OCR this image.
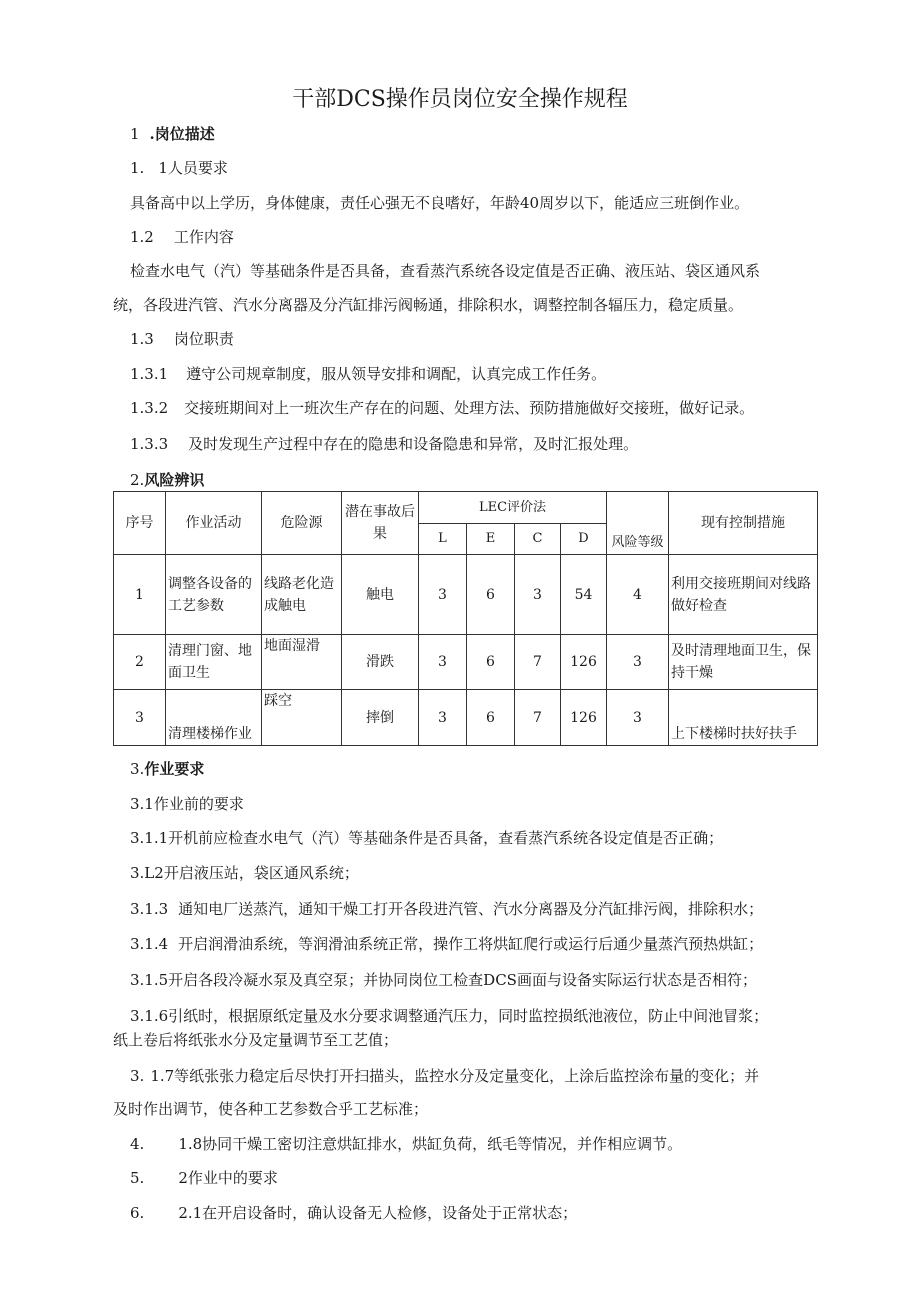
干部DCS操作员岗位安全操作规程
1 .岗位描述
1. 1人员要求
具备高中以上学历，身体健康，责任心强无不良嗜好，年龄40周岁以下，能适应三班倒作业。
1.2 工作内容
检查水电气（汽）等基础条件是否具备，查看蒸汽系统各设定值是否正确、液压站、袋区通风系
统，各段进汽管、汽水分离器及分汽缸排污阀畅通，排除积水，调整控制各辐压力，稳定质量。
1.3 岗位职责
1.3.1 遵守公司规章制度，服从领导安排和调配，认真完成工作任务。
1.3.2 交接班期间对上一班次生产存在的问题、处理方法、预防措施做好交接班，做好记录。
1.3.3 及时发现生产过程中存在的隐患和设备隐患和异常，及时汇报处理。
2.风险辨识
序号	作业活动	危险源	潜在事故后果	LEC评价法				风险等级	现有控制措施
				L	E	C	D		
1	调整各设备的工艺参数	线路老化造成触电	触电	3	6	3	54	4	利用交接班期间对线路做好检查
2	清理门窗、地面卫生	地面湿滑	滑跌	3	6	7	126	3	及时清理地面卫生，保持干燥
3	清理楼梯作业	踩空	摔倒	3	6	7	126	3	上下楼梯时扶好扶手
3.作业要求
3.1作业前的要求
3.1.1开机前应检查水电气（汽）等基础条件是否具备，查看蒸汽系统各设定值是否正确；
3.L2开启液压站，袋区通风系统；
3.1.3 通知电厂送蒸汽，通知干燥工打开各段进汽管、汽水分离器及分汽缸排污阀，排除积水；
3.1.4 开启润滑油系统，等润滑油系统正常，操作工将烘缸爬行或运行后通少量蒸汽预热烘缸；
3.1.5开启各段冷凝水泵及真空泵；并协同岗位工检查DCS画面与设备实际运行状态是否相符；
3.1.6引纸时，根据原纸定量及水分要求调整通汽压力，同时监控损纸池液位，防止中间池冒浆；
纸上卷后将纸张水分及定量调节至工艺值；
3. 1.7等纸张张力稳定后尽快打开扫描头，监控水分及定量变化，上涂后监控涂布量的变化；并
及时作出调节，使各种工艺参数合乎工艺标准；
4. 1.8协同干燥工密切注意烘缸排水，烘缸负荷，纸毛等情况，并作相应调节。
5. 2作业中的要求
6. 2.1在开启设备时，确认设备无人检修，设备处于正常状态；
